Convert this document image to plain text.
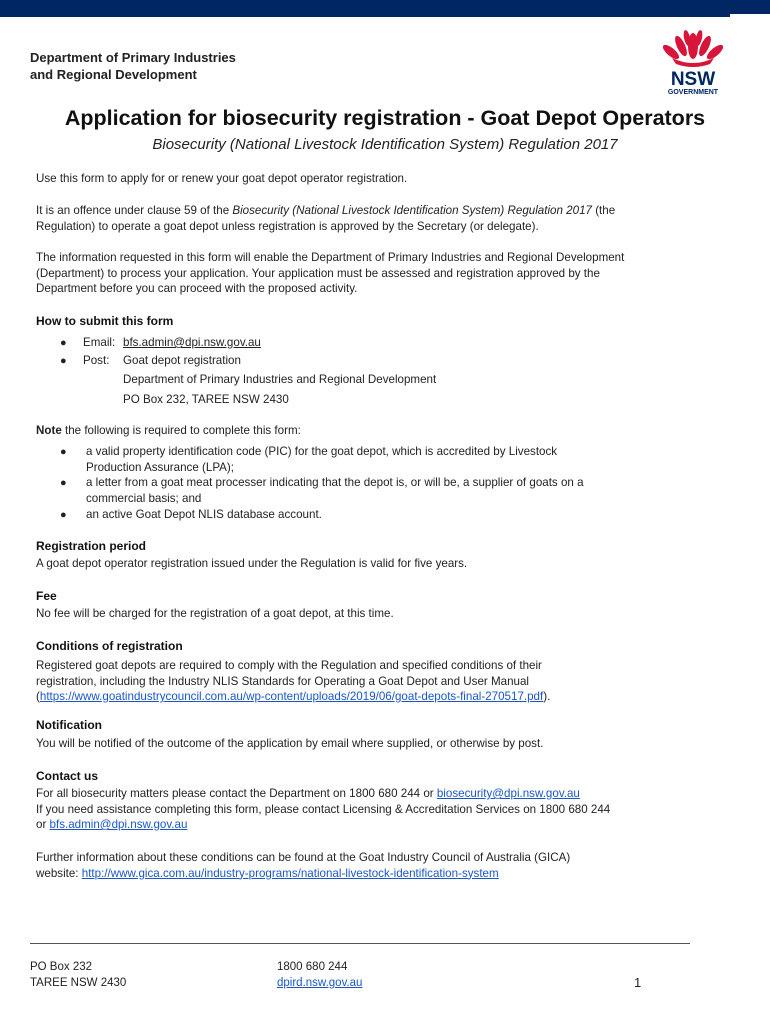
Department of Primary Industries
and Regional Development	NSW
GOVERNMENT
Application for biosecurity registration - Goat Depot Operators
Biosecurity (National Livestock Identification System) Regulation 2017

Use this form to apply for or renew your goat depot operator registration.

It is an offence under clause 59 of the Biosecurity (National Livestock Identification System) Regulation 2017 (the
Regulation) to operate a goat depot unless registration is approved by the Secretary (or delegate).

The information requested in this form will enable the Department of Primary Industries and Regional Development
(Department) to process your application. Your application must be assessed and registration approved by the
Department before you can proceed with the proposed activity.

How to submit this form
● Email: bfs.admin@dpi.nsw.gov.au
● Post: Goat depot registration
Department of Primary Industries and Regional Development
PO Box 232, TAREE NSW 2430

Note the following is required to complete this form:

● a valid property identification code (PIC) for the goat depot, which is accredited by Livestock
Production Assurance (LPA);
● a letter from a goat meat processer indicating that the depot is, or will be, a supplier of goats on a
commercial basis; and
● an active Goat Depot NLIS database account.
Registration period

A goat depot operator registration issued under the Regulation is valid for five years.

Fee

No fee will be charged for the registration of a goat depot, at this time.

Conditions of registration

Registered goat depots are required to comply with the Regulation and specified conditions of their
registration, including the Industry NLIS Standards for Operating a Goat Depot and User Manual
(https://www.goatindustrycouncil.com.au/wp-content/uploads/2019/06/goat-depots-final-270517.pdf).

Notification

You will be notified of the outcome of the application by email where supplied, or otherwise by post.

Contact us

For all biosecurity matters please contact the Department on 1800 680 244 or biosecurity@dpi.nsw.gov.au
If you need assistance completing this form, please contact Licensing & Accreditation Services on 1800 680 244
or bfs.admin@dpi.nsw.gov.au

Further information about these conditions can be found at the Goat Industry Council of Australia (GICA)
website: http://www.gica.com.au/industry-programs/national-livestock-identification-system

PO Box 232
TAREE NSW 2430
1800 680 244
dpird.nsw.gov.au	1
